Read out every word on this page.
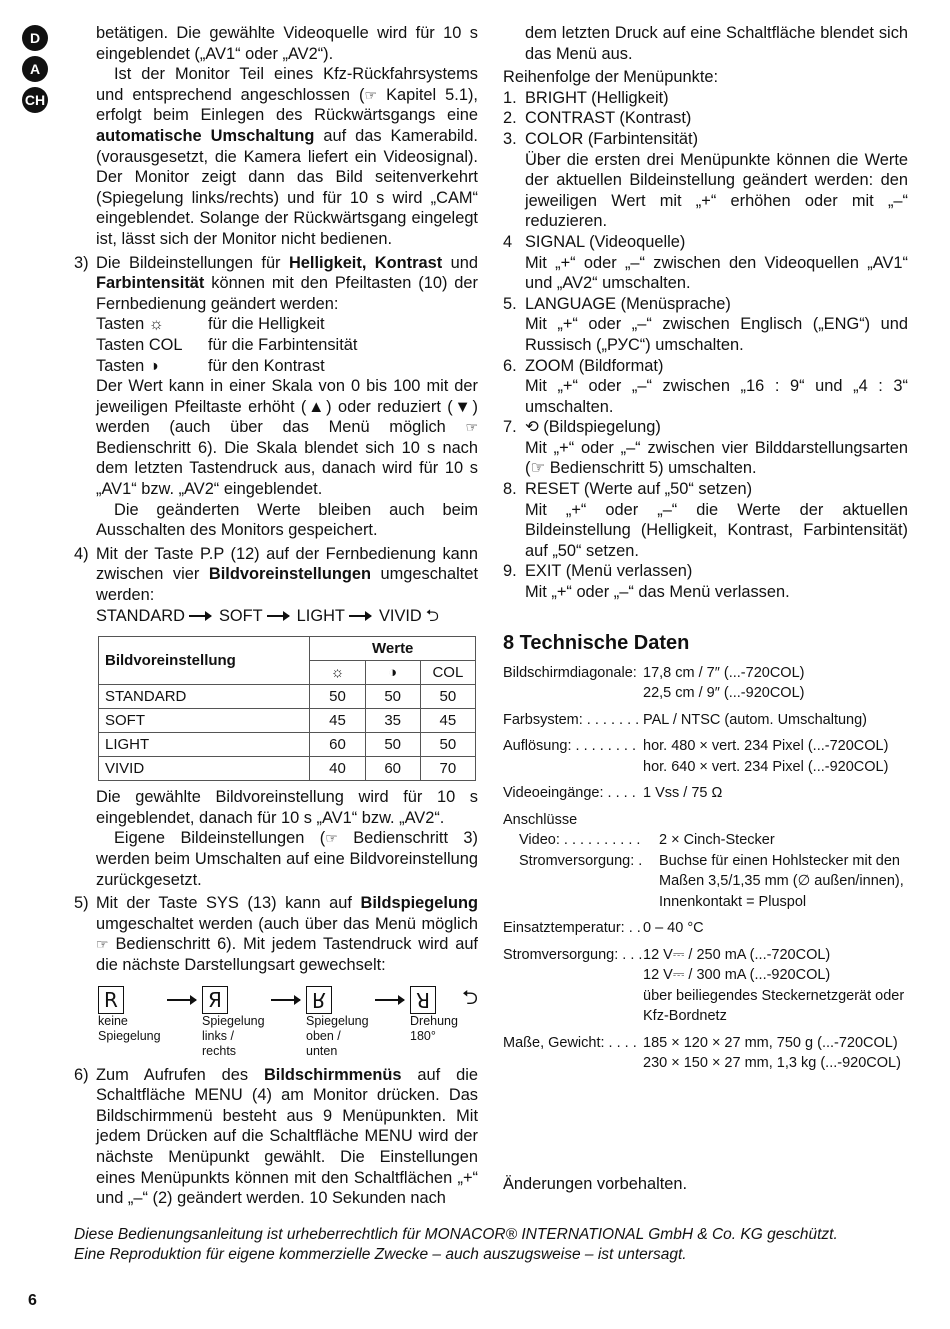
D
A
CH

betätigen. Die gewählte Videoquelle wird für 10 s eingeblendet („AV1“ oder „AV2“).

Ist der Monitor Teil eines Kfz-Rückfahrsystems und entsprechend angeschlossen (☞ Kapitel 5.1), erfolgt beim Einlegen des Rückwärtsgangs eine automatische Umschaltung auf das Kamerabild. (vorausgesetzt, die Kamera liefert ein Videosignal). Der Monitor zeigt dann das Bild seitenverkehrt (Spiegelung links/rechts) und für 10 s wird „CAM“ eingeblendet. Solange der Rückwärtsgang eingelegt ist, lässt sich der Monitor nicht bedienen.

3) Die Bildeinstellungen für Helligkeit, Kontrast und Farbintensität können mit den Pfeiltasten (10) der Fernbedienung geändert werden:

Tasten ☼	für die Helligkeit
Tasten COL	für die Farbintensität
Tasten ◑	für den Kontrast

Der Wert kann in einer Skala von 0 bis 100 mit der jeweiligen Pfeiltaste erhöht (▲) oder reduziert (▼) werden (auch über das Menü möglich ☞ Bedienschritt 6). Die Skala blendet sich 10 s nach dem letzten Tastendruck aus, danach wird für 10 s „AV1“ bzw. „AV2“ eingeblendet.

Die geänderten Werte bleiben auch beim Ausschalten des Monitors gespeichert.

4) Mit der Taste P.P (12) auf der Fernbedienung kann zwischen vier Bildvoreinstellungen umgeschaltet werden:

STANDARD SOFT LIGHT VIVID ⮌
Bildvoreinstellung	Werte		
	☼	◑	COL
STANDARD	50	50	50
SOFT	45	35	45
LIGHT	60	50	50
VIVID	40	60	70

Die gewählte Bildvoreinstellung wird für 10 s eingeblendet, danach für 10 s „AV1“ bzw. „AV2“.

Eigene Bildeinstellungen (☞ Bedienschritt 3) werden beim Umschalten auf eine Bildvoreinstellung zurückgesetzt.

5) Mit der Taste SYS (13) kann auf Bildspiegelung umgeschaltet werden (auch über das Menü möglich ☞ Bedienschritt 6). Mit jedem Tastendruck wird auf die nächste Darstellungsart gewechselt:

R
keine
Spiegelung
Я
Spiegelung
links / rechts
R
Spiegelung
oben / unten
R
Drehung
180°
⮌
6) Zum Aufrufen des Bildschirmmenüs auf die Schaltfläche MENU (4) am Monitor drücken. Das Bildschirmmenü besteht aus 9 Menüpunkten. Mit jedem Drücken auf die Schaltfläche MENU wird der nächste Menüpunkt gewählt. Die Einstellungen eines Menüpunkts können mit den Schaltflächen „+“ und „–“ (2) geändert werden. 10 Sekunden nach

dem letzten Druck auf eine Schaltfläche blendet sich das Menü aus.

Reihenfolge der Menüpunkte:

1. BRIGHT (Helligkeit)
2. CONTRAST (Kontrast)
3. COLOR (Farbintensität)

Über die ersten drei Menüpunkte können die Werte der aktuellen Bildeinstellung geändert werden: den jeweiligen Wert mit „+“ erhöhen oder mit „–“ reduzieren.

4 SIGNAL (Videoquelle)

Mit „+“ oder „–“ zwischen den Videoquellen „AV1“ und „AV2“ umschalten.

5. LANGUAGE (Menüsprache)

Mit „+“ oder „–“ zwischen Englisch („ENG“) und Russisch („РУС“) umschalten.

6. ZOOM (Bildformat)

Mit „+“ oder „–“ zwischen „16 : 9“ und „4 : 3“ umschalten.

7. ⟲ (Bildspiegelung)

Mit „+“ oder „–“ zwischen vier Bilddarstellungsarten (☞ Bedienschritt 5) umschalten.

8. RESET (Werte auf „50“ setzen)

Mit „+“ oder „–“ die Werte der aktuellen Bildeinstellung (Helligkeit, Kontrast, Farbintensität) auf „50“ setzen.

9. EXIT (Menü verlassen)

Mit „+“ oder „–“ das Menü verlassen.

8 Technische Daten
Bildschirmdiagonale: 17,8 cm / 7″ (...-720COL)
22,5 cm / 9″ (...-920COL)
Farbsystem: . . . . . . . PAL / NTSC (autom. Umschaltung)
Auflösung: . . . . . . . . hor. 480 × vert. 234 Pixel (...-720COL)
hor. 640 × vert. 234 Pixel (...-920COL)
Videoeingänge: . . . . 1 Vss / 75 Ω
Anschlüsse
Video: . . . . . . . . . .	2 × Cinch-Stecker
Stromversorgung: .	Buchse für einen Hohlstecker mit den Maßen 3,5/1,35 mm (∅ außen/innen), Innenkontakt = Pluspol
Einsatztemperatur: . . 0 – 40 °C
Stromversorgung: . . . 12 V⎓ / 250 mA (...-720COL)
12 V⎓ / 300 mA (...-920COL)
über beiliegendes Steckernetzgerät oder Kfz-Bordnetz
Maße, Gewicht: . . . . 185 × 120 × 27 mm, 750 g (...-720COL)
230 × 150 × 27 mm, 1,3 kg (...-920COL)

Änderungen vorbehalten.

Diese Bedienungsanleitung ist urheberrechtlich für MONACOR® INTERNATIONAL GmbH & Co. KG geschützt.
Eine Reproduktion für eigene kommerzielle Zwecke – auch auszugsweise – ist untersagt.
6
